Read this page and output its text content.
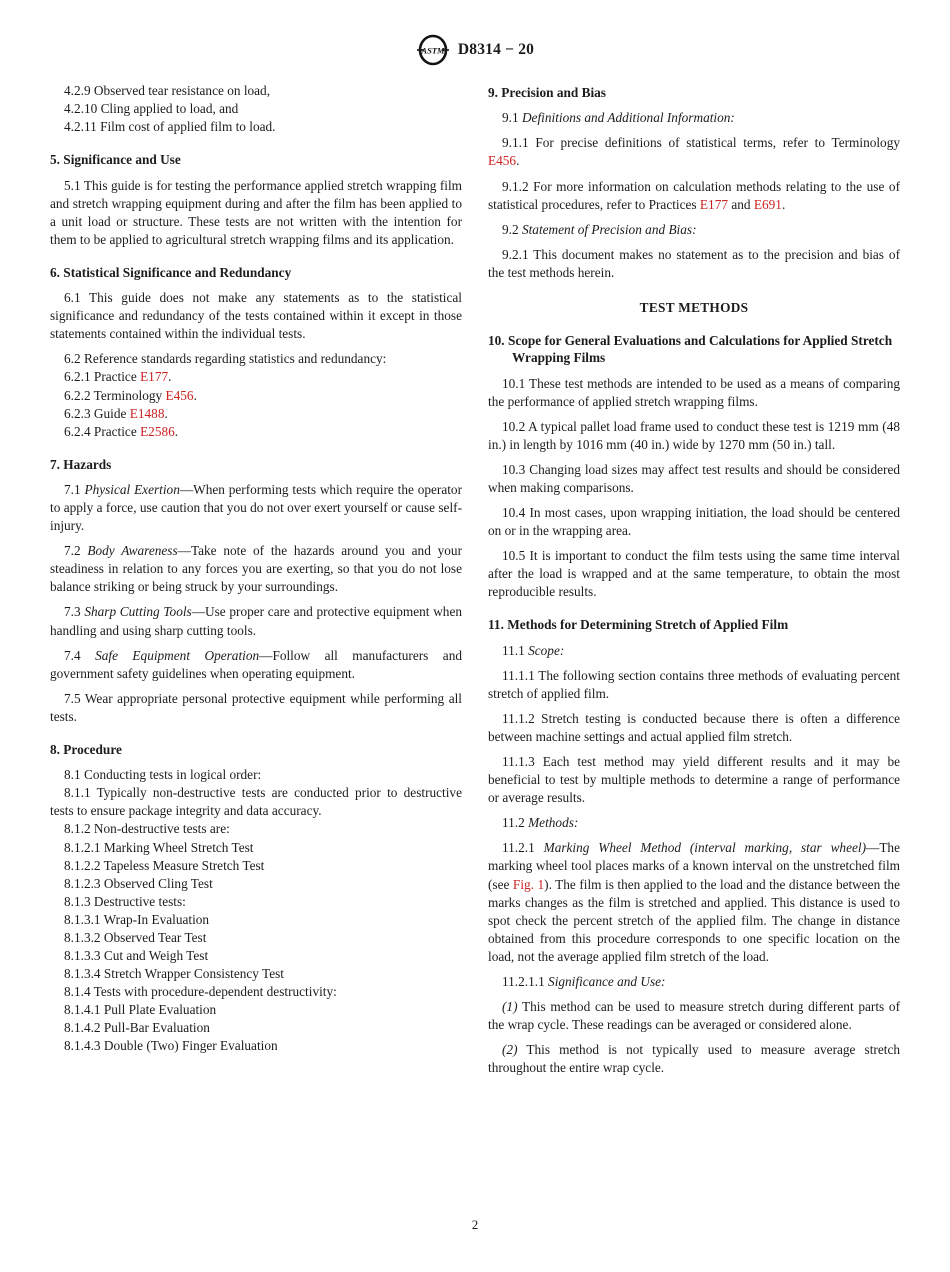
ASTM D8314 − 20

4.2.9 Observed tear resistance on load,

4.2.10 Cling applied to load, and

4.2.11 Film cost of applied film to load.

5. Significance and Use

5.1 This guide is for testing the performance applied stretch wrapping film and stretch wrapping equipment during and after the film has been applied to a unit load or structure. These tests are not written with the intention for them to be applied to agricultural stretch wrapping films and its application.

6. Statistical Significance and Redundancy

6.1 This guide does not make any statements as to the statistical significance and redundancy of the tests contained within it except in those statements contained within the individual tests.

6.2 Reference standards regarding statistics and redundancy:

6.2.1 Practice E177.

6.2.2 Terminology E456.

6.2.3 Guide E1488.

6.2.4 Practice E2586.

7. Hazards

7.1 Physical Exertion—When performing tests which require the operator to apply a force, use caution that you do not over exert yourself or cause self-injury.

7.2 Body Awareness—Take note of the hazards around you and your steadiness in relation to any forces you are exerting, so that you do not lose balance striking or being struck by your surroundings.

7.3 Sharp Cutting Tools—Use proper care and protective equipment when handling and using sharp cutting tools.

7.4 Safe Equipment Operation—Follow all manufacturers and government safety guidelines when operating equipment.

7.5 Wear appropriate personal protective equipment while performing all tests.

8. Procedure

8.1 Conducting tests in logical order:

8.1.1 Typically non-destructive tests are conducted prior to destructive tests to ensure package integrity and data accuracy.

8.1.2 Non-destructive tests are:

8.1.2.1 Marking Wheel Stretch Test

8.1.2.2 Tapeless Measure Stretch Test

8.1.2.3 Observed Cling Test

8.1.3 Destructive tests:

8.1.3.1 Wrap-In Evaluation

8.1.3.2 Observed Tear Test

8.1.3.3 Cut and Weigh Test

8.1.3.4 Stretch Wrapper Consistency Test

8.1.4 Tests with procedure-dependent destructivity:

8.1.4.1 Pull Plate Evaluation

8.1.4.2 Pull-Bar Evaluation

8.1.4.3 Double (Two) Finger Evaluation

9. Precision and Bias

9.1 Definitions and Additional Information:

9.1.1 For precise definitions of statistical terms, refer to Terminology E456.

9.1.2 For more information on calculation methods relating to the use of statistical procedures, refer to Practices E177 and E691.

9.2 Statement of Precision and Bias:

9.2.1 This document makes no statement as to the precision and bias of the test methods herein.

TEST METHODS

10. Scope for General Evaluations and Calculations for Applied Stretch Wrapping Films

10.1 These test methods are intended to be used as a means of comparing the performance of applied stretch wrapping films.

10.2 A typical pallet load frame used to conduct these test is 1219 mm (48 in.) in length by 1016 mm (40 in.) wide by 1270 mm (50 in.) tall.

10.3 Changing load sizes may affect test results and should be considered when making comparisons.

10.4 In most cases, upon wrapping initiation, the load should be centered on or in the wrapping area.

10.5 It is important to conduct the film tests using the same time interval after the load is wrapped and at the same temperature, to obtain the most reproducible results.

11. Methods for Determining Stretch of Applied Film

11.1 Scope:

11.1.1 The following section contains three methods of evaluating percent stretch of applied film.

11.1.2 Stretch testing is conducted because there is often a difference between machine settings and actual applied film stretch.

11.1.3 Each test method may yield different results and it may be beneficial to test by multiple methods to determine a range of performance or average results.

11.2 Methods:

11.2.1 Marking Wheel Method (interval marking, star wheel)—The marking wheel tool places marks of a known interval on the unstretched film (see Fig. 1). The film is then applied to the load and the distance between the marks changes as the film is stretched and applied. This distance is used to spot check the percent stretch of the applied film. The change in distance obtained from this procedure corresponds to one specific location on the load, not the average applied film stretch of the load.

11.2.1.1 Significance and Use:

(1) This method can be used to measure stretch during different parts of the wrap cycle. These readings can be averaged or considered alone.

(2) This method is not typically used to measure average stretch throughout the entire wrap cycle.

2
